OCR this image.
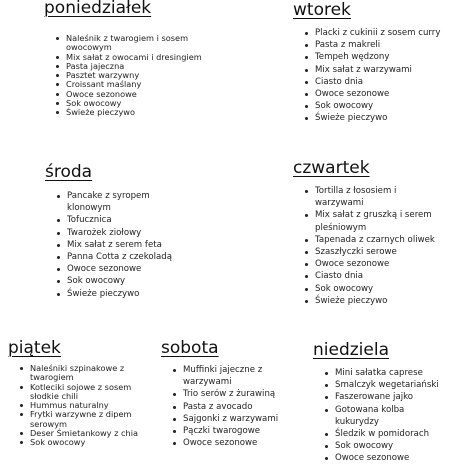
poniedziałek
Naleśnik z twarogiem i sosem owocowym
Mix sałat z owocami i dresingiem
Pasta jajeczna
Pasztet warzywny
Croissant maślany
Owoce sezonowe
Sok owocowy
Świeże pieczywo
wtorek
Placki z cukinii z sosem curry
Pasta z makreli
Tempeh wędzony
Mix sałat z warzywami
Ciasto dnia
Owoce sezonowe
Sok owocowy
Świeże pieczywo
środa
Pancake z syropem klonowym
Tofucznica
Twarożek ziołowy
Mix sałat z serem feta
Panna Cotta z czekoladą
Owoce sezonowe
Sok owocowy
Świeże pieczywo
czwartek
Tortilla z łososiem i warzywami
Mix sałat z gruszką i serem pleśniowym
Tapenada z czarnych oliwek
Szaszłyczki serowe
Owoce sezonowe
Ciasto dnia
Sok owocowy
Świeże pieczywo
piątek
Naleśniki szpinakowe z twarogiem
Kotleciki sojowe z sosem słodkie chili
Hummus naturalny
Frytki warzywne z dipem serowym
Deser Śmietankowy z chia
Sok owocowy
sobota
Muffinki jajeczne z warzywami
Trio serów z żurawiną
Pasta z avocado
Sajgonki z warzywami
Pączki twarogowe
Owoce sezonowe
niedziela
Mini sałatka caprese
Smalczyk wegetariański
Faszerowane jajko
Gotowana kolba kukurydzy
Śledzik w pomidorach
Sok owocowy
Owoce sezonowe
